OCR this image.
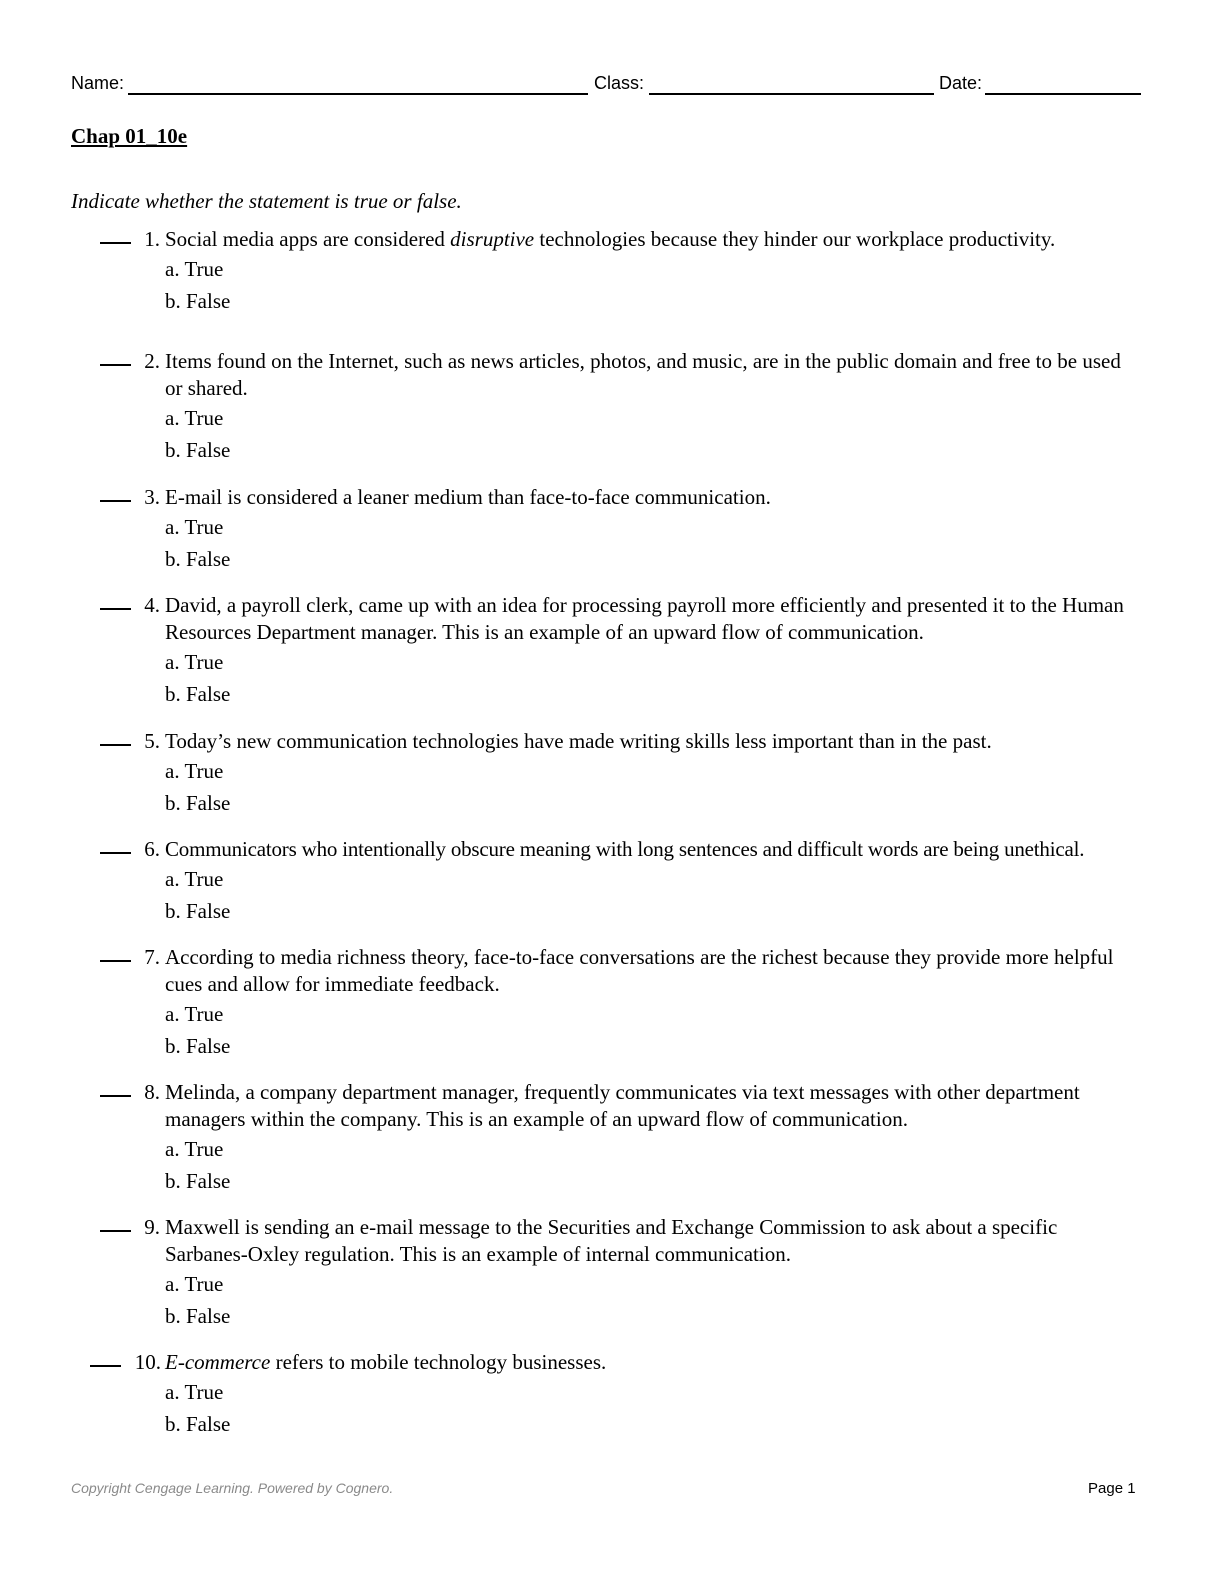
Name:	Class:	Date:
Chap 01_10e
Indicate whether the statement is true or false.
1. Social media apps are considered disruptive technologies because they hinder our workplace productivity.
a. True
b. False
2. Items found on the Internet, such as news articles, photos, and music, are in the public domain and free to be used or shared.
a. True
b. False
3. E-mail is considered a leaner medium than face-to-face communication.
a. True
b. False
4. David, a payroll clerk, came up with an idea for processing payroll more efficiently and presented it to the Human Resources Department manager. This is an example of an upward flow of communication.
a. True
b. False
5. Today’s new communication technologies have made writing skills less important than in the past.
a. True
b. False
6. Communicators who intentionally obscure meaning with long sentences and difficult words are being unethical.
a. True
b. False
7. According to media richness theory, face-to-face conversations are the richest because they provide more helpful cues and allow for immediate feedback.
a. True
b. False
8. Melinda, a company department manager, frequently communicates via text messages with other department managers within the company. This is an example of an upward flow of communication.
a. True
b. False
9. Maxwell is sending an e-mail message to the Securities and Exchange Commission to ask about a specific Sarbanes-Oxley regulation. This is an example of internal communication.
a. True
b. False
10. E-commerce refers to mobile technology businesses.
a. True
b. False
Copyright Cengage Learning. Powered by Cognero.	Page 1
